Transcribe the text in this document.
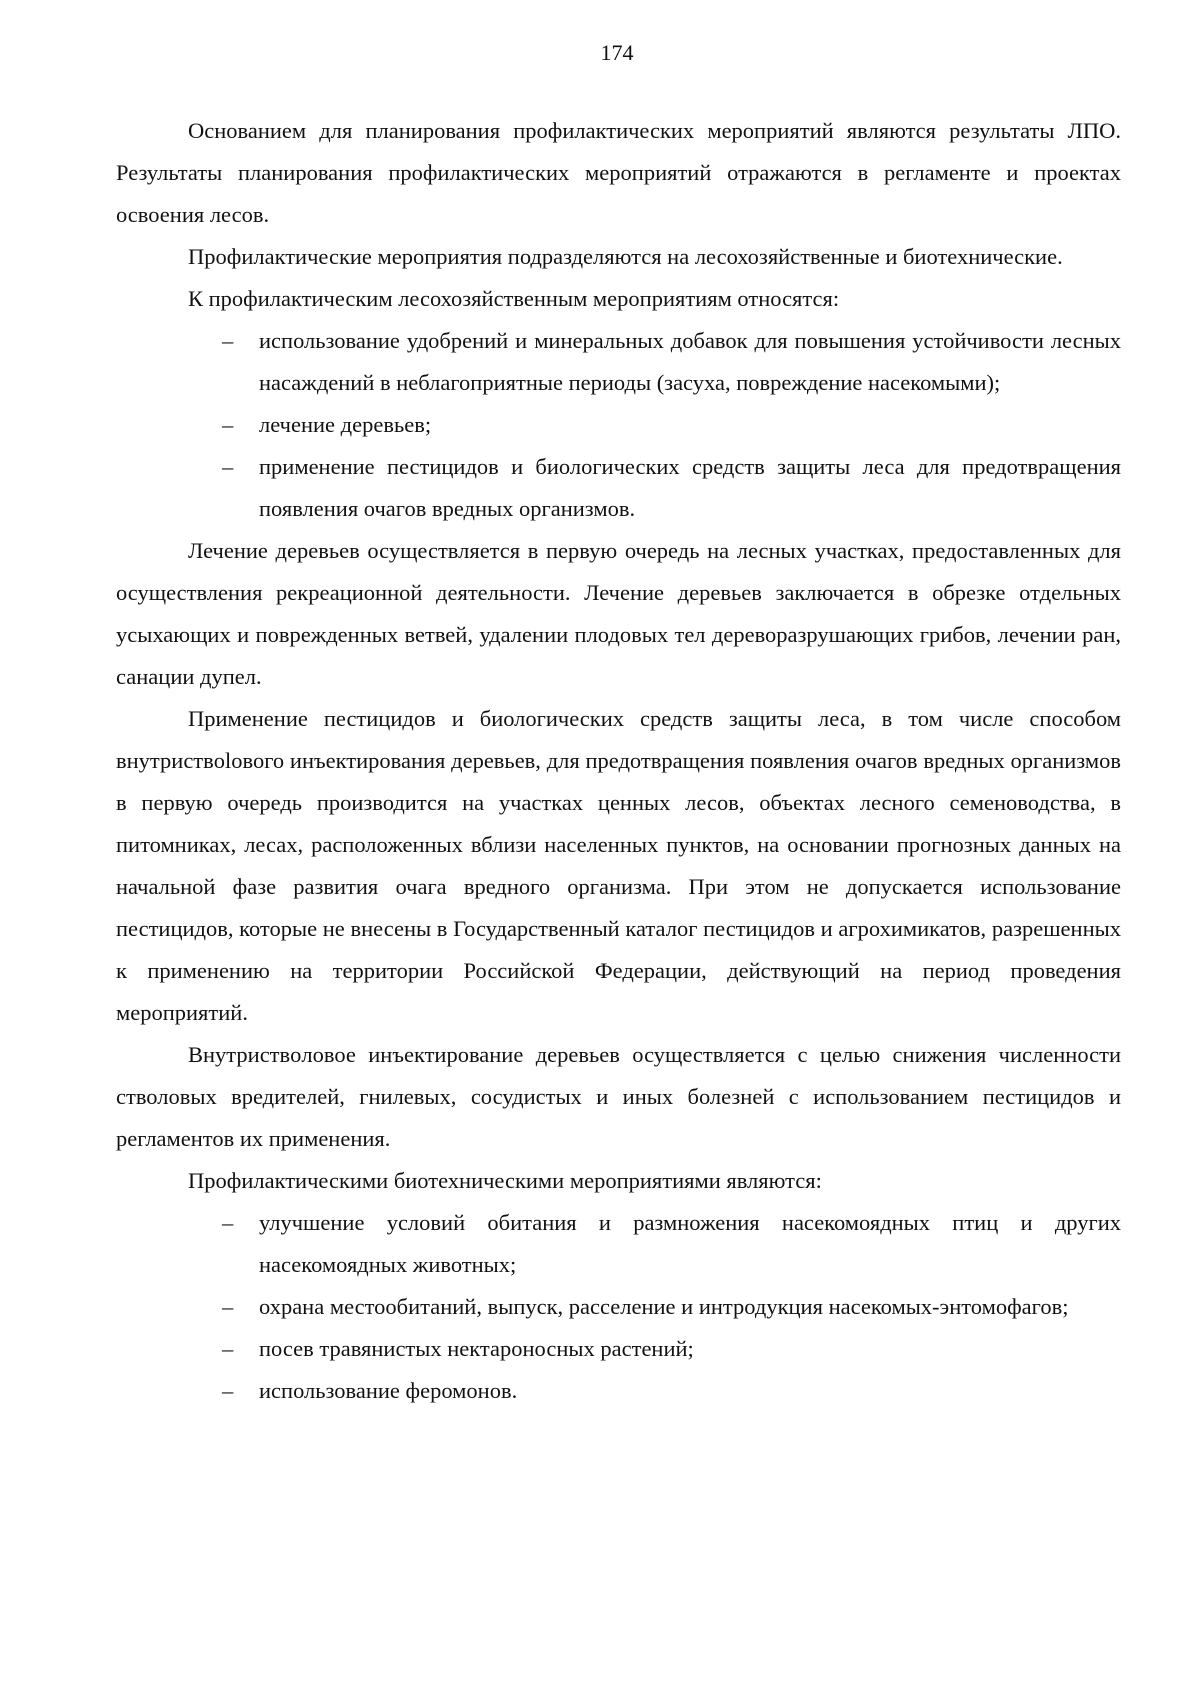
174

Основанием для планирования профилактических мероприятий являются результаты ЛПО. Результаты планирования профилактических мероприятий отражаются в регламенте и проектах освоения лесов.

Профилактические мероприятия подразделяются на лесохозяйственные и биотехнические.

К профилактическим лесохозяйственным мероприятиям относятся:

– использование удобрений и минеральных добавок для повышения устойчивости лесных насаждений в неблагоприятные периоды (засуха, повреждение насекомыми);
– лечение деревьев;
– применение пестицидов и биологических средств защиты леса для предотвращения появления очагов вредных организмов.

Лечение деревьев осуществляется в первую очередь на лесных участках, предоставленных для осуществления рекреационной деятельности. Лечение деревьев заключается в обрезке отдельных усыхающих и поврежденных ветвей, удалении плодовых тел дереворазрушающих грибов, лечении ран, санации дупел.

Применение пестицидов и биологических средств защиты леса, в том числе способом внутриствolового инъектирования деревьев, для предотвращения появления очагов вредных организмов в первую очередь производится на участках ценных лесов, объектах лесного семеноводства, в питомниках, лесах, расположенных вблизи населенных пунктов, на основании прогнозных данных на начальной фазе развития очага вредного организма. При этом не допускается использование пестицидов, которые не внесены в Государственный каталог пестицидов и агрохимикатов, разрешенных к применению на территории Российской Федерации, действующий на период проведения мероприятий.

Внутриствoловое инъектирование деревьев осуществляется с целью снижения численности стволовых вредителей, гнилевых, сосудистых и иных болезней с использованием пестицидов и регламентов их применения.

Профилактическими биотехническими мероприятиями являются:

– улучшение условий обитания и размножения насекомоядных птиц и других насекомоядных животных;
– охрана местообитаний, выпуск, расселение и интродукция насекомых-энтомофагов;
– посев травянистых нектароносных растений;
– использование феромонов.
